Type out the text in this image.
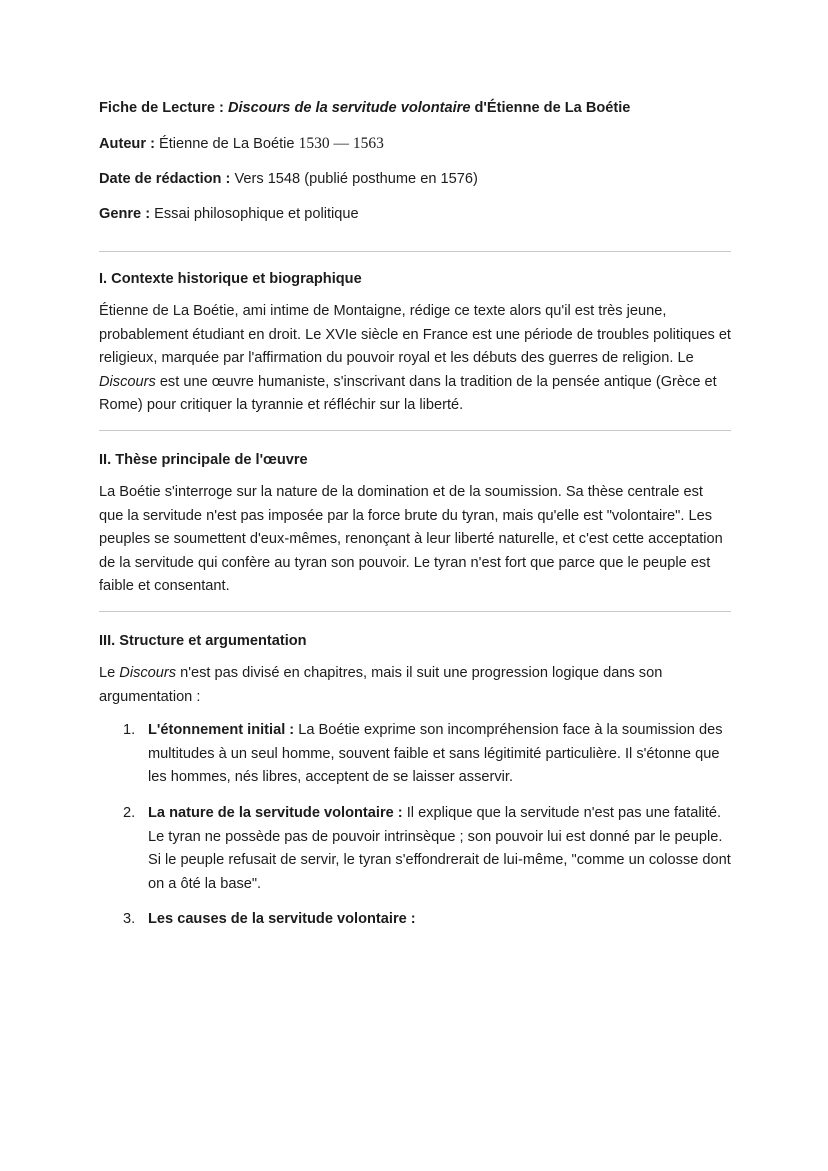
Fiche de Lecture : Discours de la servitude volontaire d'Étienne de La Boétie

Auteur : Étienne de La Boétie 1530 — 1563

Date de rédaction : Vers 1548 (publié posthume en 1576)

Genre : Essai philosophique et politique

I. Contexte historique et biographique

Étienne de La Boétie, ami intime de Montaigne, rédige ce texte alors qu'il est très jeune, probablement étudiant en droit. Le XVIe siècle en France est une période de troubles politiques et religieux, marquée par l'affirmation du pouvoir royal et les débuts des guerres de religion. Le Discours est une œuvre humaniste, s'inscrivant dans la tradition de la pensée antique (Grèce et Rome) pour critiquer la tyrannie et réfléchir sur la liberté.

II. Thèse principale de l'œuvre

La Boétie s'interroge sur la nature de la domination et de la soumission. Sa thèse centrale est que la servitude n'est pas imposée par la force brute du tyran, mais qu'elle est "volontaire". Les peuples se soumettent d'eux-mêmes, renonçant à leur liberté naturelle, et c'est cette acceptation de la servitude qui confère au tyran son pouvoir. Le tyran n'est fort que parce que le peuple est faible et consentant.

III. Structure et argumentation

Le Discours n'est pas divisé en chapitres, mais il suit une progression logique dans son argumentation :

1. L'étonnement initial : La Boétie exprime son incompréhension face à la soumission des multitudes à un seul homme, souvent faible et sans légitimité particulière. Il s'étonne que les hommes, nés libres, acceptent de se laisser asservir.
2. La nature de la servitude volontaire : Il explique que la servitude n'est pas une fatalité. Le tyran ne possède pas de pouvoir intrinsèque ; son pouvoir lui est donné par le peuple. Si le peuple refusait de servir, le tyran s'effondrerait de lui-même, "comme un colosse dont on a ôté la base".
3. Les causes de la servitude volontaire :
